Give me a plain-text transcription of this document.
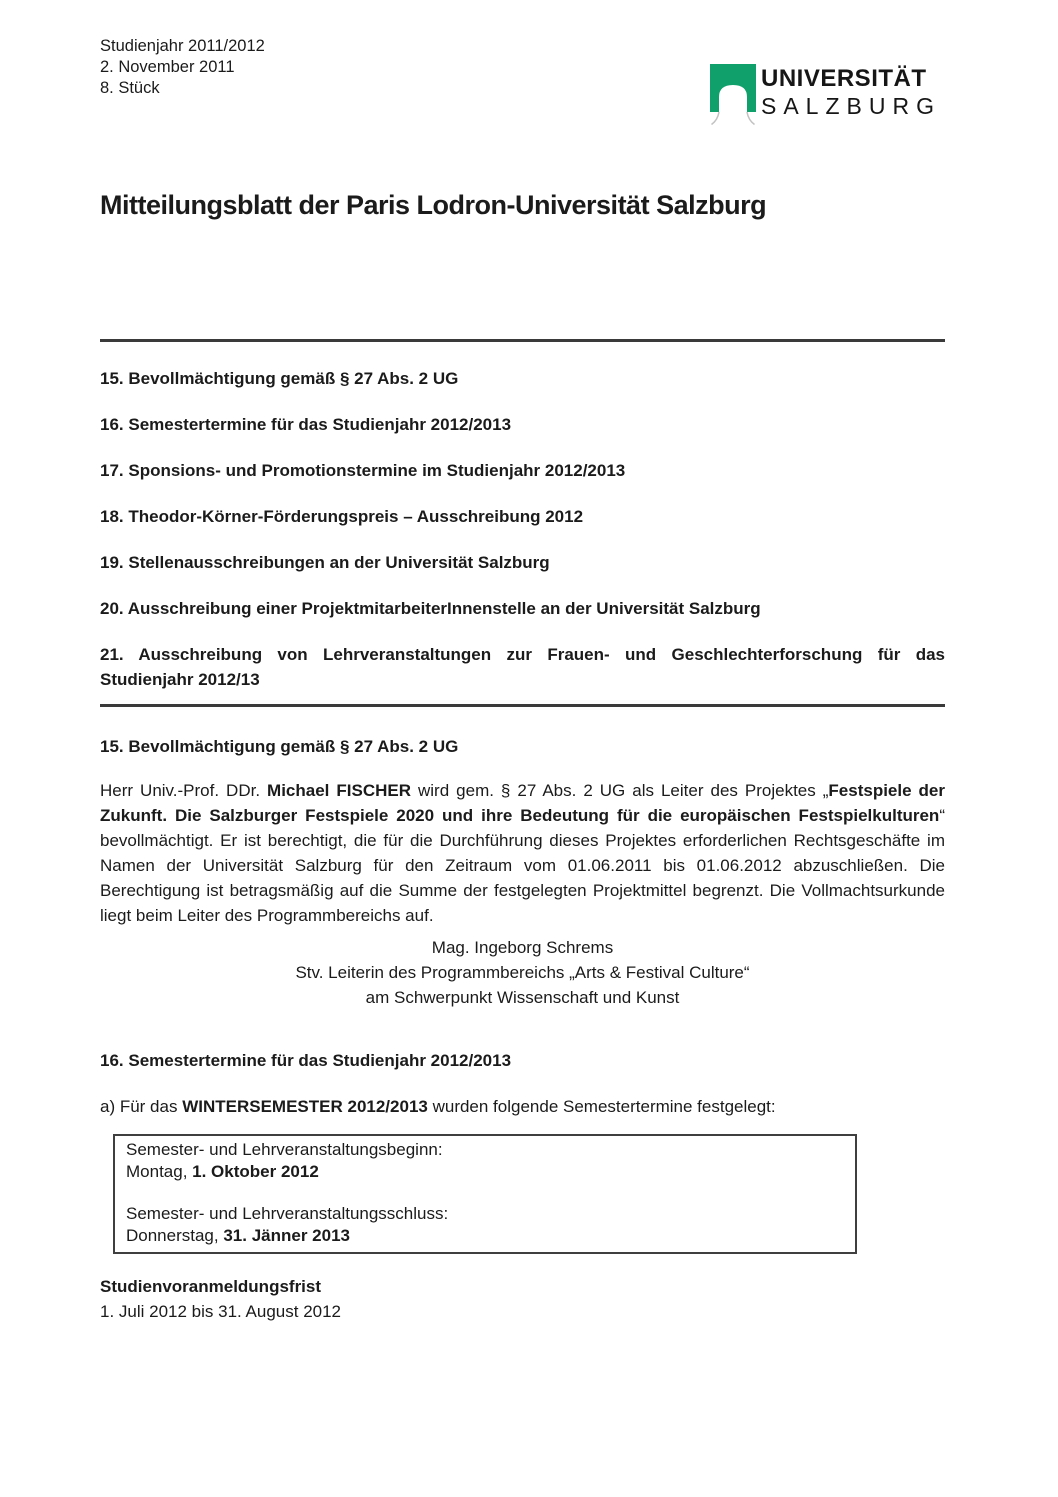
Studienjahr 2011/2012
2. November 2011
8. Stück	UNIVERSITÄT
SALZBURG
Mitteilungsblatt der Paris Lodron-Universität Salzburg

15. Bevollmächtigung gemäß § 27 Abs. 2 UG

16. Semestertermine für das Studienjahr 2012/2013

17. Sponsions- und Promotionstermine im Studienjahr 2012/2013

18. Theodor-Körner-Förderungspreis – Ausschreibung 2012

19. Stellenausschreibungen an der Universität Salzburg

20. Ausschreibung einer ProjektmitarbeiterInnenstelle an der Universität Salzburg

21. Ausschreibung von Lehrveranstaltungen zur Frauen- und Geschlechterforschung für das Studienjahr 2012/13

15. Bevollmächtigung gemäß § 27 Abs. 2 UG

Herr Univ.-Prof. DDr. Michael FISCHER wird gem. § 27 Abs. 2 UG als Leiter des Projektes „Festspiele der Zukunft. Die Salzburger Festspiele 2020 und ihre Bedeutung für die europäischen Festspielkulturen“ bevollmächtigt. Er ist berechtigt, die für die Durchführung dieses Projektes erforderlichen Rechtsgeschäfte im Namen der Universität Salzburg für den Zeitraum vom 01.06.2011 bis 01.06.2012 abzuschließen. Die Berechtigung ist betragsmäßig auf die Summe der festgelegten Projektmittel begrenzt. Die Vollmachtsurkunde liegt beim Leiter des Programmbereichs auf.

Mag. Ingeborg Schrems
Stv. Leiterin des Programmbereichs „Arts & Festival Culture“
am Schwerpunkt Wissenschaft und Kunst
16. Semestertermine für das Studienjahr 2012/2013

a) Für das WINTERSEMESTER 2012/2013 wurden folgende Semestertermine festgelegt:

Semester- und Lehrveranstaltungsbeginn:
Montag, 1. Oktober 2012
Semester- und Lehrveranstaltungsschluss:
Donnerstag, 31. Jänner 2013
Studienvoranmeldungsfrist

1. Juli 2012 bis 31. August 2012
